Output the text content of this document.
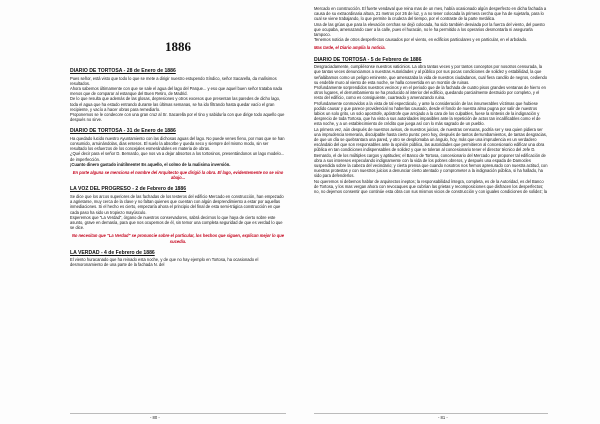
1886
DIARIO DE TORTOSA - 28 de Enero de 1886

Pues señor, está visto que todo lo que se mete a dirigir nuestro estupendo Síndico, señor Sacarella, da malísimos resultados.

Ahora sabemos últimamente con que se sale el agua del lago del Parque... y eso que aquel buen señor trataba nada menos que de comparar al estanque del Buen Retiro, de Madrid.

De lo que resulta que además de las glosas, depresiones y otros excesos que presentan las paredes de dicho lago, toda el agua que ha estado entrando durante las últimas semanas, se ha ido filtrando hasta quedar vacío el gran recipiente, y vacío a hacer obras para remediarlo.

Proponemos se le condecore con una gran cruz al Sr. Sacarella por el tino y sabiduría con que dirige todo aquello que después no sirve.

DIARIO DE TORTOSA - 31 de Enero de 1886

Ha quedado lucido nuestro Ayuntamiento con las dichosas aguas del lago. No puede venes fieno, por mas que se han consumido, arruinándolas, dias enteros. El suelo la absorbe y queda seco y siempre del mismo modo, sin ser resultado los esfuerzos de los concejales esmerándoles en materia de obras.

¿Qué decir para el señor D. Bernardo, que nos va a dejar absortos a los tortosinos, presentándonos un lago modelo... de imperfección.

¡Cuanto dinero gastado inútilmente! Es aquello, el colmo de la malisima inversión.

En parte alguna se menciona el nombre del Arquitecto que dirigió la obra. El lago, evidentemente no se vino abajo...

LA VOZ DEL PROGRESO - 2 de Febrero de 1886

Se dice que los arcos superiores de las fachadas de los testeros del edificio Mercado en construcción, han empezado a agrietarse, muy cerca de la clave y no faltan quienes que cuentan con algún desprendimiento a estar por aquellas inmediaciones. Si el hecho es cierto, empezaría ahora el principio del final de esta semi-trágica construcción en que cada paso ha sido un tropiezo mayúsculo.

Esperemos que "La Verdad", órgano de nuestros conservadores, sabrá decirnos lo que haya de cierto sobre este asunto, grave en demasía, para que nos ocupemos de él, sin temor una completa seguridad de que es verdad lo que se dice.

No necesitan que "La Verdad" se pronuncie sobre el particular, los hechos que siguen, explican mejor lo que sucedía.

LA VERDAD - 4 de Febrero de 1886

El viento huracanado que ha reinado esta noche, y de que no hay ejemplo en Tortosa, ha ocasionado el desmoronamiento de una parte de la fachada N. del

Mercado en construcción. El fuerte vendaval que reina mas de un mes, había ocasionado algún desperfecto en dicha fachada a causa de su extraordinaria altura, 21 metros por 26 de luz, y a no tener colocada la primera cercha que ha de sujetarla, para lo cual se viene trabajando, lo que permite la crudeza del tiempo, por el contraste de la parte metálica.

Una de las grúas que para la elevación cerchas se dejó colocada, ha sido también desviada por la fuerza del viento, del puesto que ocupaba, amenazando caer a la calle, pues el huracán, no le ha permitido a los operarios desmontarla ni asegurarla tampoco.

Tenemos noticia de otros desperfectos causados por el viento, en edificios particulares y en particular, en el arbolado.

Mas tarde, el Diario amplia la noticia.

DIARIO DE TORTOSA - 5 de Febrero de 1886

Desgraciadamente, cumpliéronse nuestros vaticinios. La obra tantas veces y por tantos conceptos por nosotros censurada, la que tantas veces denunciamos a nuestras Autoridades y al público por sus pocas condiciones de solidez y estabilidad, la que señalábamos como un peligro eminente, que amenazaba la vida de nuestros ciudadanos, cual fiera candilo de negros, cediendo su endeble muro al viento de esta noche, se halla convertida en un montón de ruinas.

Profundamente sorprendidos nuestros vecinos y en el periodo que de la fachada de cuatro pisos grandes ventanas de hierro en otros lugares, el derrumbamiento se ha producido al interior del edificio, quedando parcialmente destruido por completo, y el resto del edificio, como es consiguiente, cuarteado y amenazando ruina.

Profundamente conmovidos a la vista de tal espectáculo, y ante la consideración de las innumerables víctimas que hubiese podido causar y que parece providencial no haberlas causado, desde el fondo de nuestra alma pugna por salir de nuestros labios un solo grito, un solo apostrofe, apóstrofe que arrojado a la cara de los culpables, fuese la síntesis de la indignación y desprecio de toda Tortosa, que ha visto a sus autoridades impasibles ante la repetición de actos tan incalificables como el de esta noche, y a un establecimiento de crédito que juega así con lo más sagrado de un pueblo.

La primera vez, aún después de nuestros avisos, de nuestros juicios, de nuestras censuras, podría ser y sea quien pidiera ser una imprudencia temeraria, disculpable hasta cierto punto: pero hoy, después de tantos derrumbamientos, de tantas desgracias, de que un día se quebrantara una pared, y otro se desplomaba un ángulo, hoy, más que una imprudencia es un verdadero escándalo del que son responsables ante la opinión pública, las autoridades que permitieron al concesionario edificar una obra pública en tan condiciones indispensables de solidez y que se toleran al concesionario tener el director técnico del Jefe D. Bernardo, el de los múltiples cargos y aptitudes; el Banco de Tortosa, concesionario del Mercado por proponer tal edificación de obra a sus intereses especulando indignamente con la vida de los pobres obreros, y después una espada de Damocles suspendida sobre la cabeza del vecindario; y cierta prensa que cuando nosotros nos hemos apresurado con nuestra actitud, con nuestras protestas y con nuestros juicios a denunciar cierto atentado y comprometer a la indignación pública, si ha hallado, ha sido para defenderlos.

No queremos ni debemos hablar de arquitectos ineptos; la responsabilidad íntegra, completa, es de la Autoridad, es del Banco de Tortosa, y los mas vergan ahora con revocaques que cubrían las grietas y recomposiciones que disfracen los desperfectos; no, no dejemos consentir que continúe esta obra con sus mismos vicios de construcción y con iguales condiciones de solidez; la

- 80 -	- 81 -
